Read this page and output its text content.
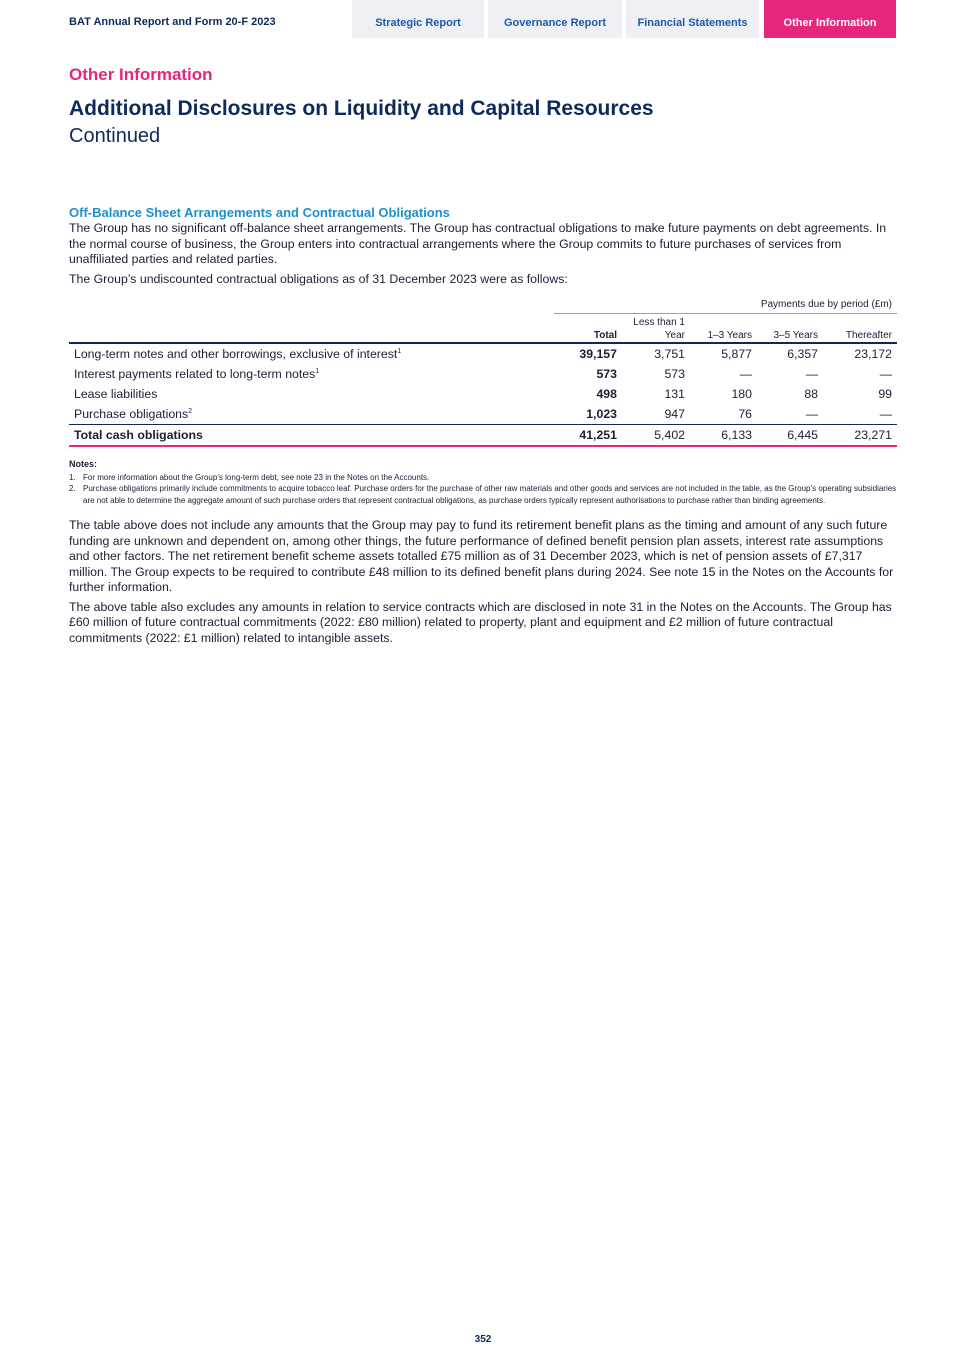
BAT Annual Report and Form 20-F 2023	Strategic Report	Governance Report	Financial Statements	Other Information
Other Information
Additional Disclosures on Liquidity and Capital Resources
Continued
Off-Balance Sheet Arrangements and Contractual Obligations

The Group has no significant off-balance sheet arrangements. The Group has contractual obligations to make future payments on debt agreements. In the normal course of business, the Group enters into contractual arrangements where the Group commits to future purchases of services from unaffiliated parties and related parties.

The Group’s undiscounted contractual obligations as of 31 December 2023 were as follows:

	Payments due by period (£m)				
	Total	Less than 1 Year	1–3 Years	3–5 Years	Thereafter
Long-term notes and other borrowings, exclusive of interest$^1$	39,157	3,751	5,877	6,357	23,172
Interest payments related to long-term notes$^1$	573	573	—	—	—
Lease liabilities	498	131	180	88	99
Purchase obligations$^2$	1,023	947	76	—	—
Total cash obligations	41,251	5,402	6,133	6,445	23,271
Notes:
1. For more information about the Group’s long-term debt, see note 23 in the Notes on the Accounts.
2. Purchase obligations primarily include commitments to acquire tobacco leaf. Purchase orders for the purchase of other raw materials and other goods and services are not included in the table, as the Group’s operating subsidiaries are not able to determine the aggregate amount of such purchase orders that represent contractual obligations, as purchase orders typically represent authorisations to purchase rather than binding agreements.

The table above does not include any amounts that the Group may pay to fund its retirement benefit plans as the timing and amount of any such future funding are unknown and dependent on, among other things, the future performance of defined benefit pension plan assets, interest rate assumptions and other factors. The net retirement benefit scheme assets totalled £75 million as of 31 December 2023, which is net of pension assets of £7,317 million. The Group expects to be required to contribute £48 million to its defined benefit plans during 2024. See note 15 in the Notes on the Accounts for further information.

The above table also excludes any amounts in relation to service contracts which are disclosed in note 31 in the Notes on the Accounts. The Group has £60 million of future contractual commitments (2022: £80 million) related to property, plant and equipment and £2 million of future contractual commitments (2022: £1 million) related to intangible assets.

352
